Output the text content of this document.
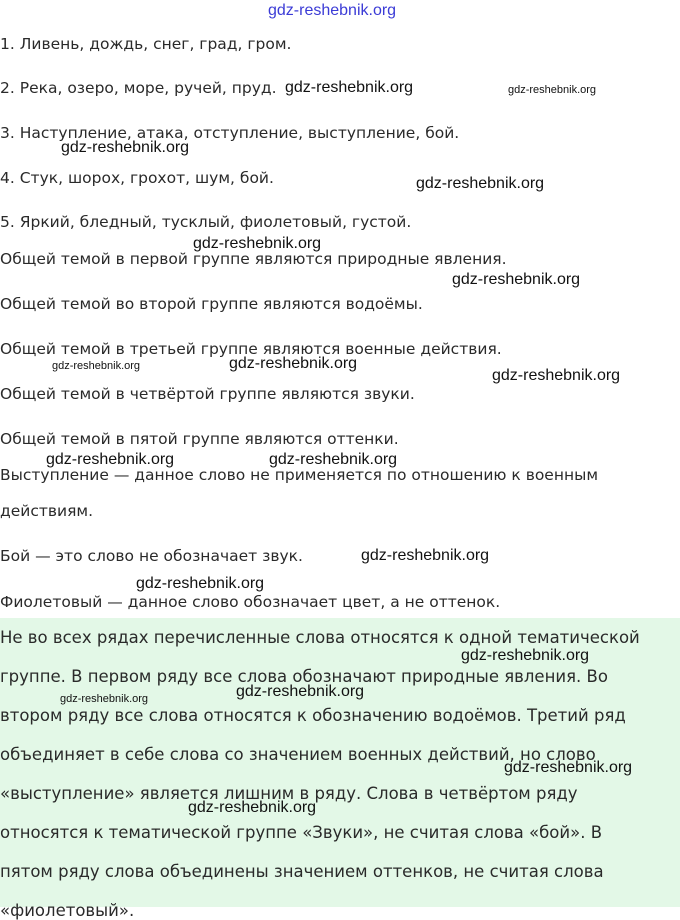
gdz-reshebnik.org
1. Ливень, дождь, снег, град, гром.
2. Река, озеро, море, ручей, пруд.
3. Наступление, атака, отступление, выступление, бой.
4. Стук, шорох, грохот, шум, бой.
5. Яркий, бледный, тусклый, фиолетовый, густой.
Общей темой в первой группе являются природные явления.
Общей темой во второй группе являются водоёмы.
Общей темой в третьей группе являются военные действия.
Общей темой в четвёртой группе являются звуки.
Общей темой в пятой группе являются оттенки.
Выступление — данное слово не применяется по отношению к военным
действиям.
Бой — это слово не обозначает звук.
Фиолетовый — данное слово обозначает цвет, а не оттенок.
Не во всех рядах перечисленные слова относятся к одной тематической
группе. В первом ряду все слова обозначают природные явления. Во
втором ряду все слова относятся к обозначению водоёмов. Третий ряд
объединяет в себе слова со значением военных действий, но слово
«выступление» является лишним в ряду. Слова в четвёртом ряду
относятся к тематической группе «Звуки», не считая слова «бой». В
пятом ряду слова объединены значением оттенков, не считая слова
«фиолетовый».
gdz-reshebnik.org	gdz-reshebnik.org
gdz-reshebnik.org
gdz-reshebnik.org
gdz-reshebnik.org
gdz-reshebnik.org
gdz-reshebnik.org	gdz-reshebnik.org
gdz-reshebnik.org
gdz-reshebnik.org	gdz-reshebnik.org
gdz-reshebnik.org
gdz-reshebnik.org
gdz-reshebnik.org
gdz-reshebnik.org	gdz-reshebnik.org
gdz-reshebnik.org
gdz-reshebnik.org
